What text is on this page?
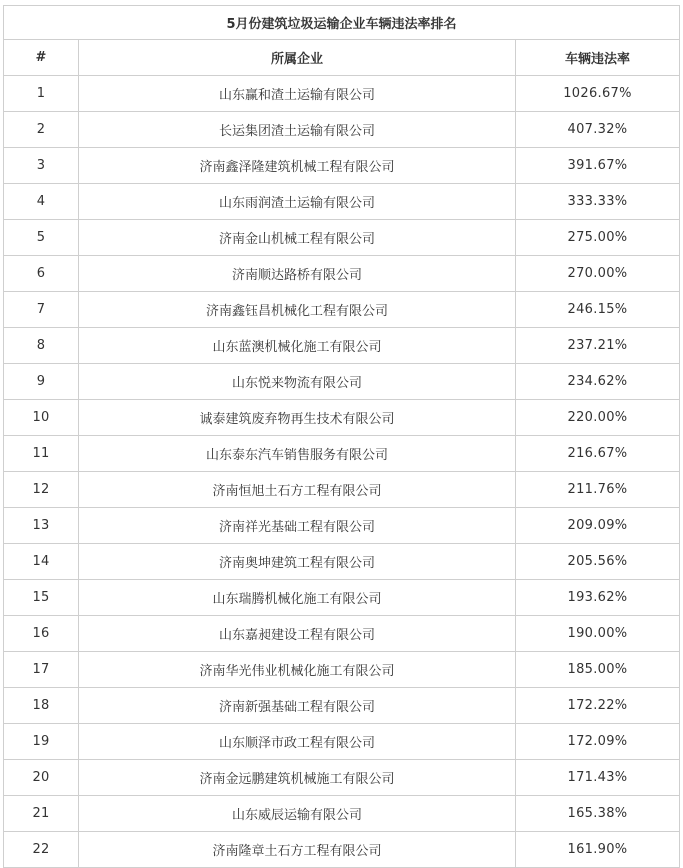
5月份建筑垃圾运输企业车辆违法率排名		
#	所属企业	车辆违法率
1	山东赢和渣土运输有限公司	1026.67%
2	长运集团渣土运输有限公司	407.32%
3	济南鑫泽隆建筑机械工程有限公司	391.67%
4	山东雨润渣土运输有限公司	333.33%
5	济南金山机械工程有限公司	275.00%
6	济南顺达路桥有限公司	270.00%
7	济南鑫钰昌机械化工程有限公司	246.15%
8	山东蓝澳机械化施工有限公司	237.21%
9	山东悦来物流有限公司	234.62%
10	诚泰建筑废弃物再生技术有限公司	220.00%
11	山东泰东汽车销售服务有限公司	216.67%
12	济南恒旭土石方工程有限公司	211.76%
13	济南祥光基础工程有限公司	209.09%
14	济南奥坤建筑工程有限公司	205.56%
15	山东瑞腾机械化施工有限公司	193.62%
16	山东嘉昶建设工程有限公司	190.00%
17	济南华光伟业机械化施工有限公司	185.00%
18	济南新强基础工程有限公司	172.22%
19	山东顺泽市政工程有限公司	172.09%
20	济南金远鹏建筑机械施工有限公司	171.43%
21	山东威辰运输有限公司	165.38%
22	济南隆章土石方工程有限公司	161.90%
